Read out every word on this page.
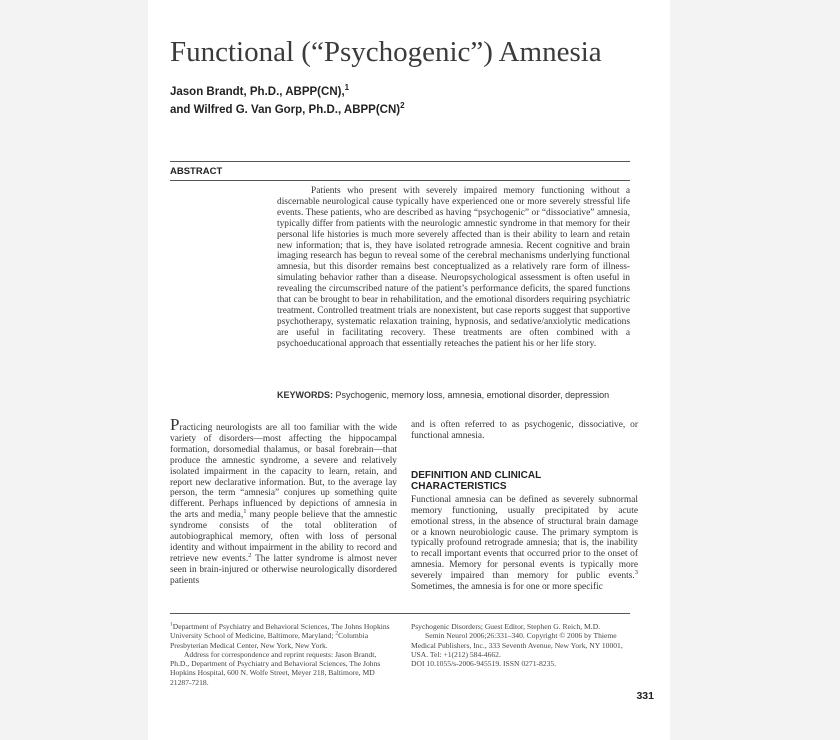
Functional (“Psychogenic”) Amnesia
Jason Brandt, Ph.D., ABPP(CN),$^1$
and Wilfred G. Van Gorp, Ph.D., ABPP(CN)$^2$
ABSTRACT

Patients who present with severely impaired memory functioning without a discernable neurological cause typically have experienced one or more severely stressful life events. These patients, who are described as having “psychogenic” or “dissociative” amnesia, typically differ from patients with the neurologic amnestic syndrome in that memory for their personal life histories is much more severely affected than is their ability to learn and retain new information; that is, they have isolated retrograde amnesia. Recent cognitive and brain imaging research has begun to reveal some of the cerebral mechanisms underlying functional amnesia, but this disorder remains best conceptualized as a relatively rare form of illness-simulating behavior rather than a disease. Neuropsychological assessment is often useful in revealing the circumscribed nature of the patient’s performance deficits, the spared functions that can be brought to bear in rehabilitation, and the emotional disorders requiring psychiatric treatment. Controlled treatment trials are nonexistent, but case reports suggest that supportive psychotherapy, systematic relaxation training, hypnosis, and sedative/anxiolytic medications are useful in facilitating recovery. These treatments are often combined with a psychoeducational approach that essentially reteaches the patient his or her life story.

KEYWORDS: Psychogenic, memory loss, amnesia, emotional disorder, depression

Practicing neurologists are all too familiar with the wide variety of disorders—most affecting the hippocampal formation, dorsomedial thalamus, or basal forebrain—that produce the amnestic syndrome, a severe and relatively isolated impairment in the capacity to learn, retain, and report new declarative information. But, to the average lay person, the term “amnesia” conjures up something quite different. Perhaps influenced by depictions of amnesia in the arts and media,$^1$ many people believe that the amnestic syndrome consists of the total obliteration of autobiographical memory, often with loss of personal identity and without impairment in the ability to record and retrieve new events.$^2$ The latter syndrome is almost never seen in brain-injured or otherwise neurologically disordered patients

and is often referred to as psychogenic, dissociative, or functional amnesia.

DEFINITION AND CLINICAL CHARACTERISTICS

Functional amnesia can be defined as severely subnormal memory functioning, usually precipitated by acute emotional stress, in the absence of structural brain damage or a known neurobiologic cause. The primary symptom is typically profound retrograde amnesia; that is, the inability to recall important events that occurred prior to the onset of amnesia. Memory for personal events is typically more severely impaired than memory for public events.$^3$ Sometimes, the amnesia is for one or more specific

$^1$Department of Psychiatry and Behavioral Sciences, The Johns Hopkins University School of Medicine, Baltimore, Maryland; $^2$Columbia Presbyterian Medical Center, New York, New York.

Address for correspondence and reprint requests: Jason Brandt, Ph.D., Department of Psychiatry and Behavioral Sciences, The Johns Hopkins Hospital, 600 N. Wolfe Street, Meyer 218, Baltimore, MD 21287-7218.

Psychogenic Disorders; Guest Editor, Stephen G. Reich, M.D.

Semin Neurol 2006;26:331–340. Copyright © 2006 by Thieme Medical Publishers, Inc., 333 Seventh Avenue, New York, NY 10001, USA. Tel: +1(212) 584-4662.

DOI 10.1055/s-2006-945519. ISSN 0271-8235.

331
